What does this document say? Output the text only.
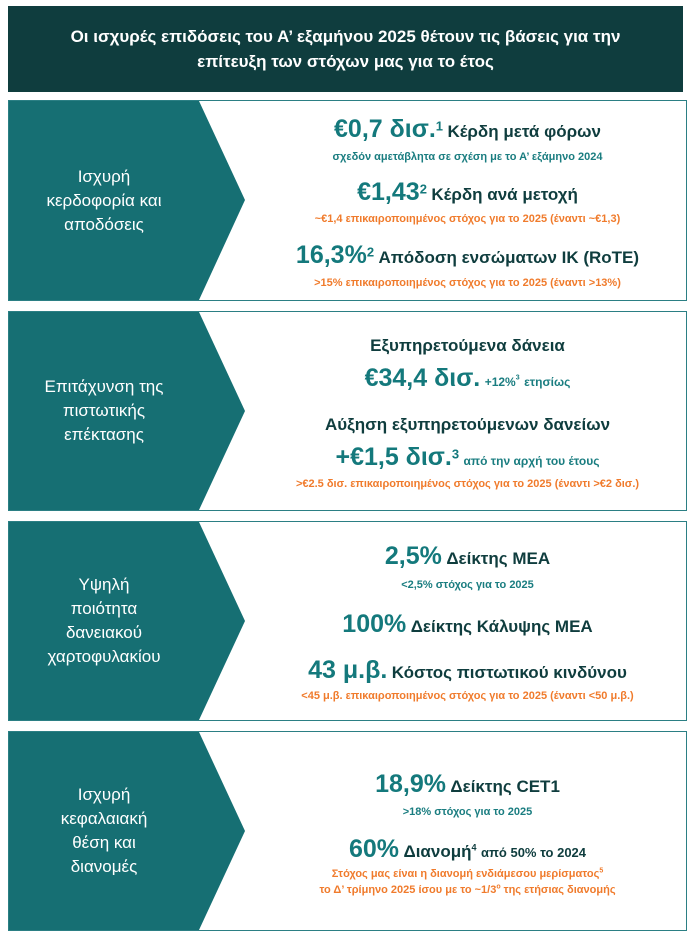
Οι ισχυρές επιδόσεις του Α’ εξαμήνου 2025 θέτουν τις βάσεις για την
επίτευξη των στόχων μας για το έτος
Ισχυρή
κερδοφορία και
αποδόσεις
€0,7 δισ.$^1$ Κέρδη μετά φόρων
σχεδόν αμετάβλητα σε σχέση με το Α’ εξάμηνο 2024
€1,43$^2$ Κέρδη ανά μετοχή
~€1,4 επικαιροποιημένος στόχος για το 2025 (έναντι ~€1,3)
16,3%$^2$ Απόδοση ενσώματων ΙΚ (RoTE)
>15% επικαιροποιημένος στόχος για το 2025 (έναντι >13%)
Επιτάχυνση της
πιστωτικής
επέκτασης
Εξυπηρετούμενα δάνεια
€34,4 δισ. +12%$^3$ ετησίως
Αύξηση εξυπηρετούμενων δανείων
+€1,5 δισ.$^3$ από την αρχή του έτους
>€2.5 δισ. επικαιροποιημένος στόχος για το 2025 (έναντι >€2 δισ.)
Υψηλή
ποιότητα
δανειακού
χαρτοφυλακίου
2,5% Δείκτης ΜΕΑ
<2,5% στόχος για το 2025
100% Δείκτης Κάλυψης ΜΕΑ
43 μ.β. Κόστος πιστωτικού κινδύνου
<45 μ.β. επικαιροποιημένος στόχος για το 2025 (έναντι <50 μ.β.)
Ισχυρή
κεφαλαιακή
θέση και
διανομές
18,9% Δείκτης CET1
>18% στόχος για το 2025
60% Διανομή$^4$ από 50% το 2024
Στόχος μας είναι η διανομή ενδιάμεσου μερίσματος$^5$
το Δ’ τρίμηνο 2025 ίσου με το $\sim 1/3^o$ της ετήσιας διανομής
